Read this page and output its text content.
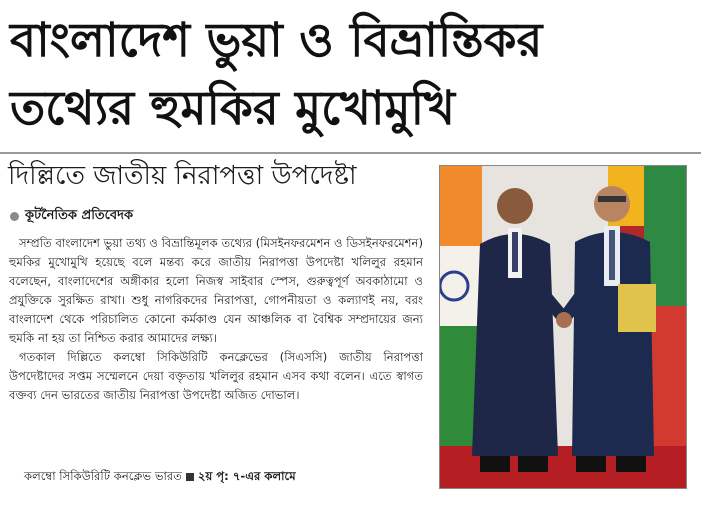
বাংলাদেশ ভুয়া ও বিভ্রান্তিকর
তথ্যের হুমকির মুখোমুখি
দিল্লিতে জাতীয় নিরাপত্তা উপদেষ্টা
কূটনৈতিক প্রতিবেদক

সম্প্রতি বাংলাদেশ ভুয়া তথ্য ও বিভ্রান্তিমূলক তথ্যের (মিসইনফরমেশন ও ডিসইনফরমেশন) হুমকির মুখোমুখি হয়েছে বলে মন্তব্য করে জাতীয় নিরাপত্তা উপদেষ্টা খলিলুর রহমান বলেছেন, বাংলাদেশের অঙ্গীকার হলো নিজস্ব সাইবার স্পেস, গুরুত্বপূর্ণ অবকাঠামো ও প্রযুক্তিকে সুরক্ষিত রাখা। শুধু নাগরিকদের নিরাপত্তা, গোপনীয়তা ও কল্যাণই নয়, বরং বাংলাদেশ থেকে পরিচালিত কোনো কর্মকাণ্ড যেন আঞ্চলিক বা বৈশ্বিক সম্প্রদায়ের জন্য হুমকি না হয় তা নিশ্চিত করার আমাদের লক্ষ্য।

গতকাল দিল্লিতে কলম্বো সিকিউরিটি কনক্লেভের (সিএসসি) জাতীয় নিরাপত্তা উপদেষ্টাদের সপ্তম সম্মেলনে দেয়া বক্তৃতায় খলিলুর রহমান এসব কথা বলেন। এতে স্বাগত বক্তব্য দেন ভারতের জাতীয় নিরাপত্তা উপদেষ্টা অজিত দোভাল।

কলম্বো সিকিউরিটি কনক্লেভ ভারত ২য় পৃ: ৭-এর কলামে
